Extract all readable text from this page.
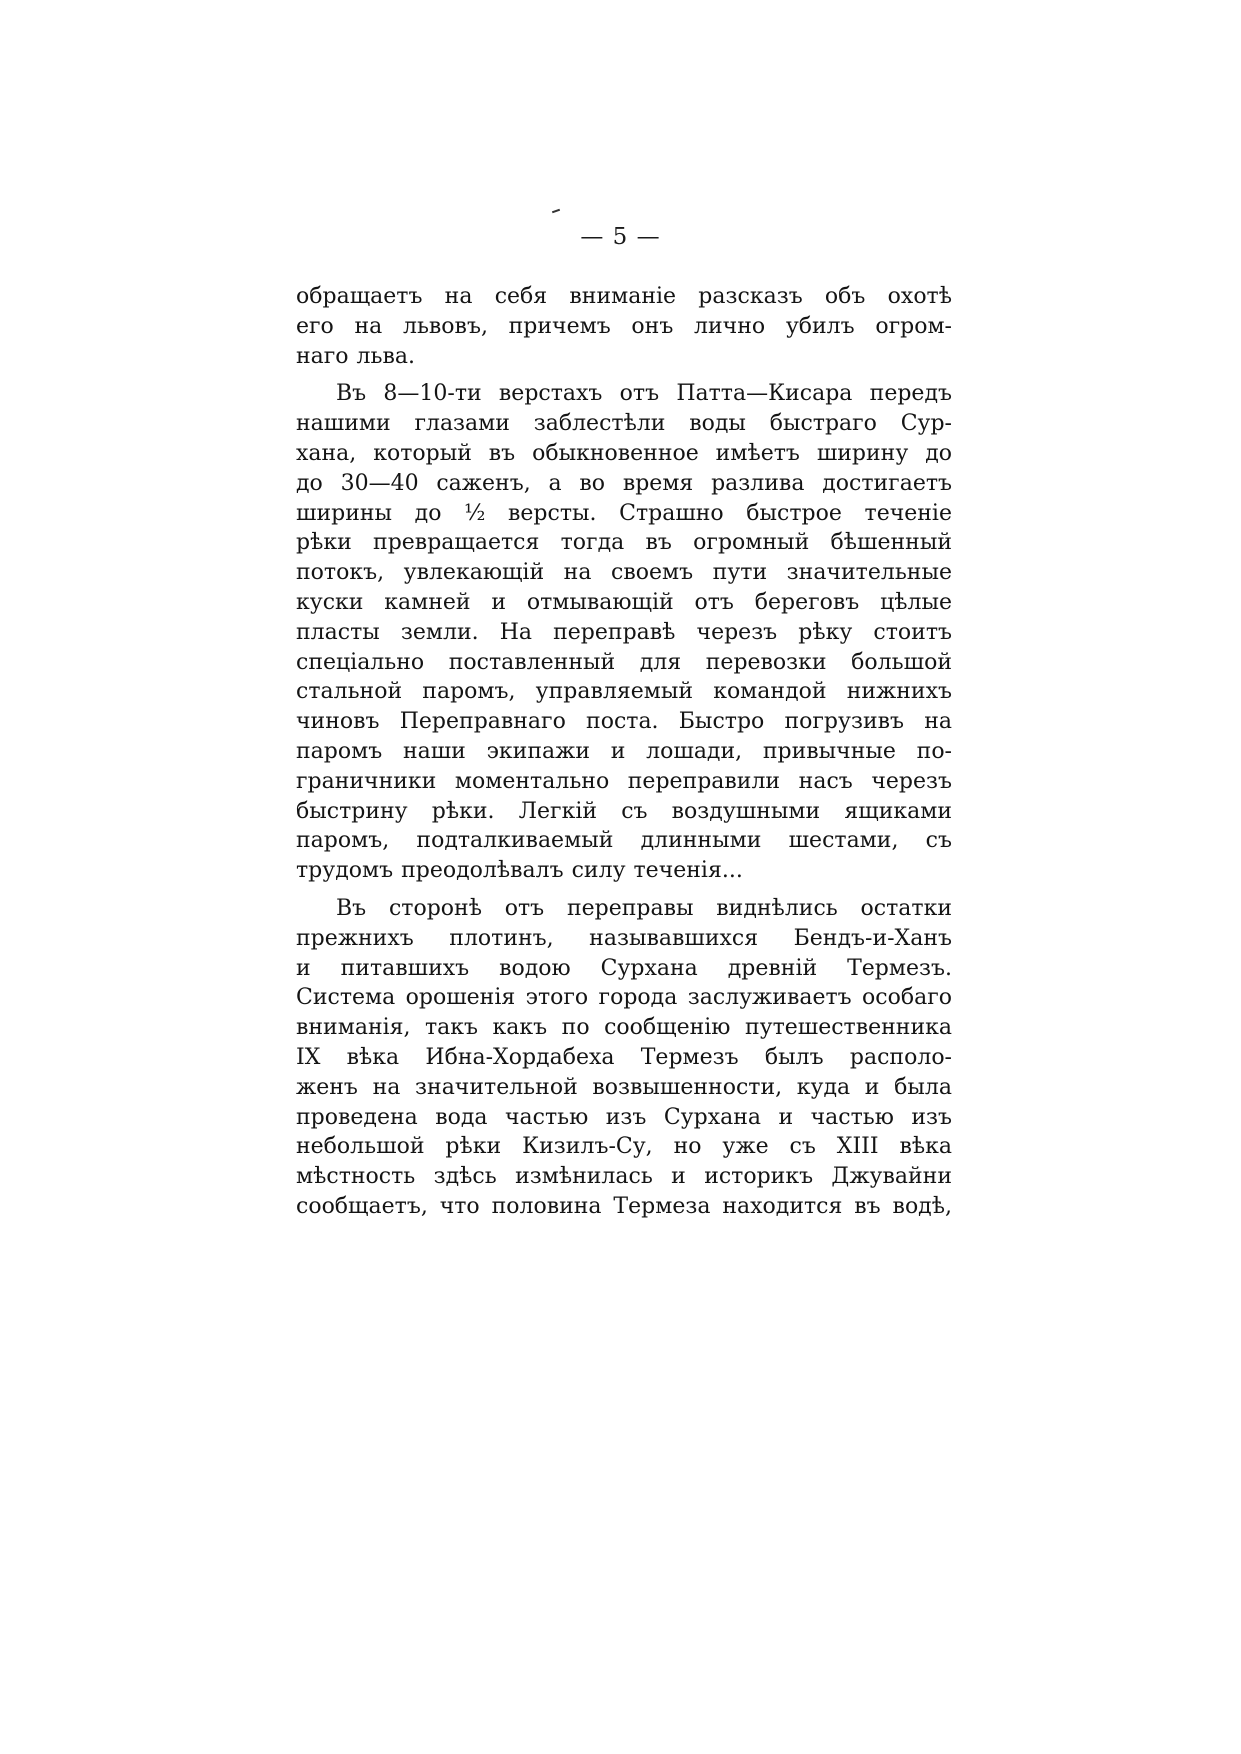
— 5 —
обращаетъ на себя вниманіе разсказъ объ охотѣ
его на львовъ, причемъ онъ лично убилъ огром-
наго льва.
Въ 8—10-ти верстахъ отъ Патта—Кисара передъ
нашими глазами заблестѣли воды быстраго Сур-
хана, который въ обыкновенное имѣетъ ширину до
до 30—40 саженъ, а во время разлива достигаетъ
ширины до ½ версты. Страшно быстрое теченіе
рѣки превращается тогда въ огромный бѣшенный
потокъ, увлекающій на своемъ пути значительные
куски камней и отмывающій отъ береговъ цѣлые
пласты земли. На переправѣ черезъ рѣку стоитъ
спеціально поставленный для перевозки большой
стальной паромъ, управляемый командой нижнихъ
чиновъ Переправнаго поста. Быстро погрузивъ на
паромъ наши экипажи и лошади, привычные по-
граничники моментально переправили насъ черезъ
быстрину рѣки. Легкій съ воздушными ящиками
паромъ, подталкиваемый длинными шестами, съ
трудомъ преодолѣвалъ силу теченія...
Въ сторонѣ отъ переправы виднѣлись остатки
прежнихъ плотинъ, называвшихся Бендъ-и-Ханъ
и питавшихъ водою Сурхана древній Термезъ.
Система орошенія этого города заслуживаетъ особаго
вниманія, такъ какъ по сообщенію путешественника
IX вѣка Ибна-Хордабеха Термезъ былъ располо-
женъ на значительной возвышенности, куда и была
проведена вода частью изъ Сурхана и частью изъ
небольшой рѣки Кизилъ-Су, но уже съ XIII вѣка
мѣстность здѣсь измѣнилась и историкъ Джувайни
сообщаетъ, что половина Термеза находится въ водѣ,
